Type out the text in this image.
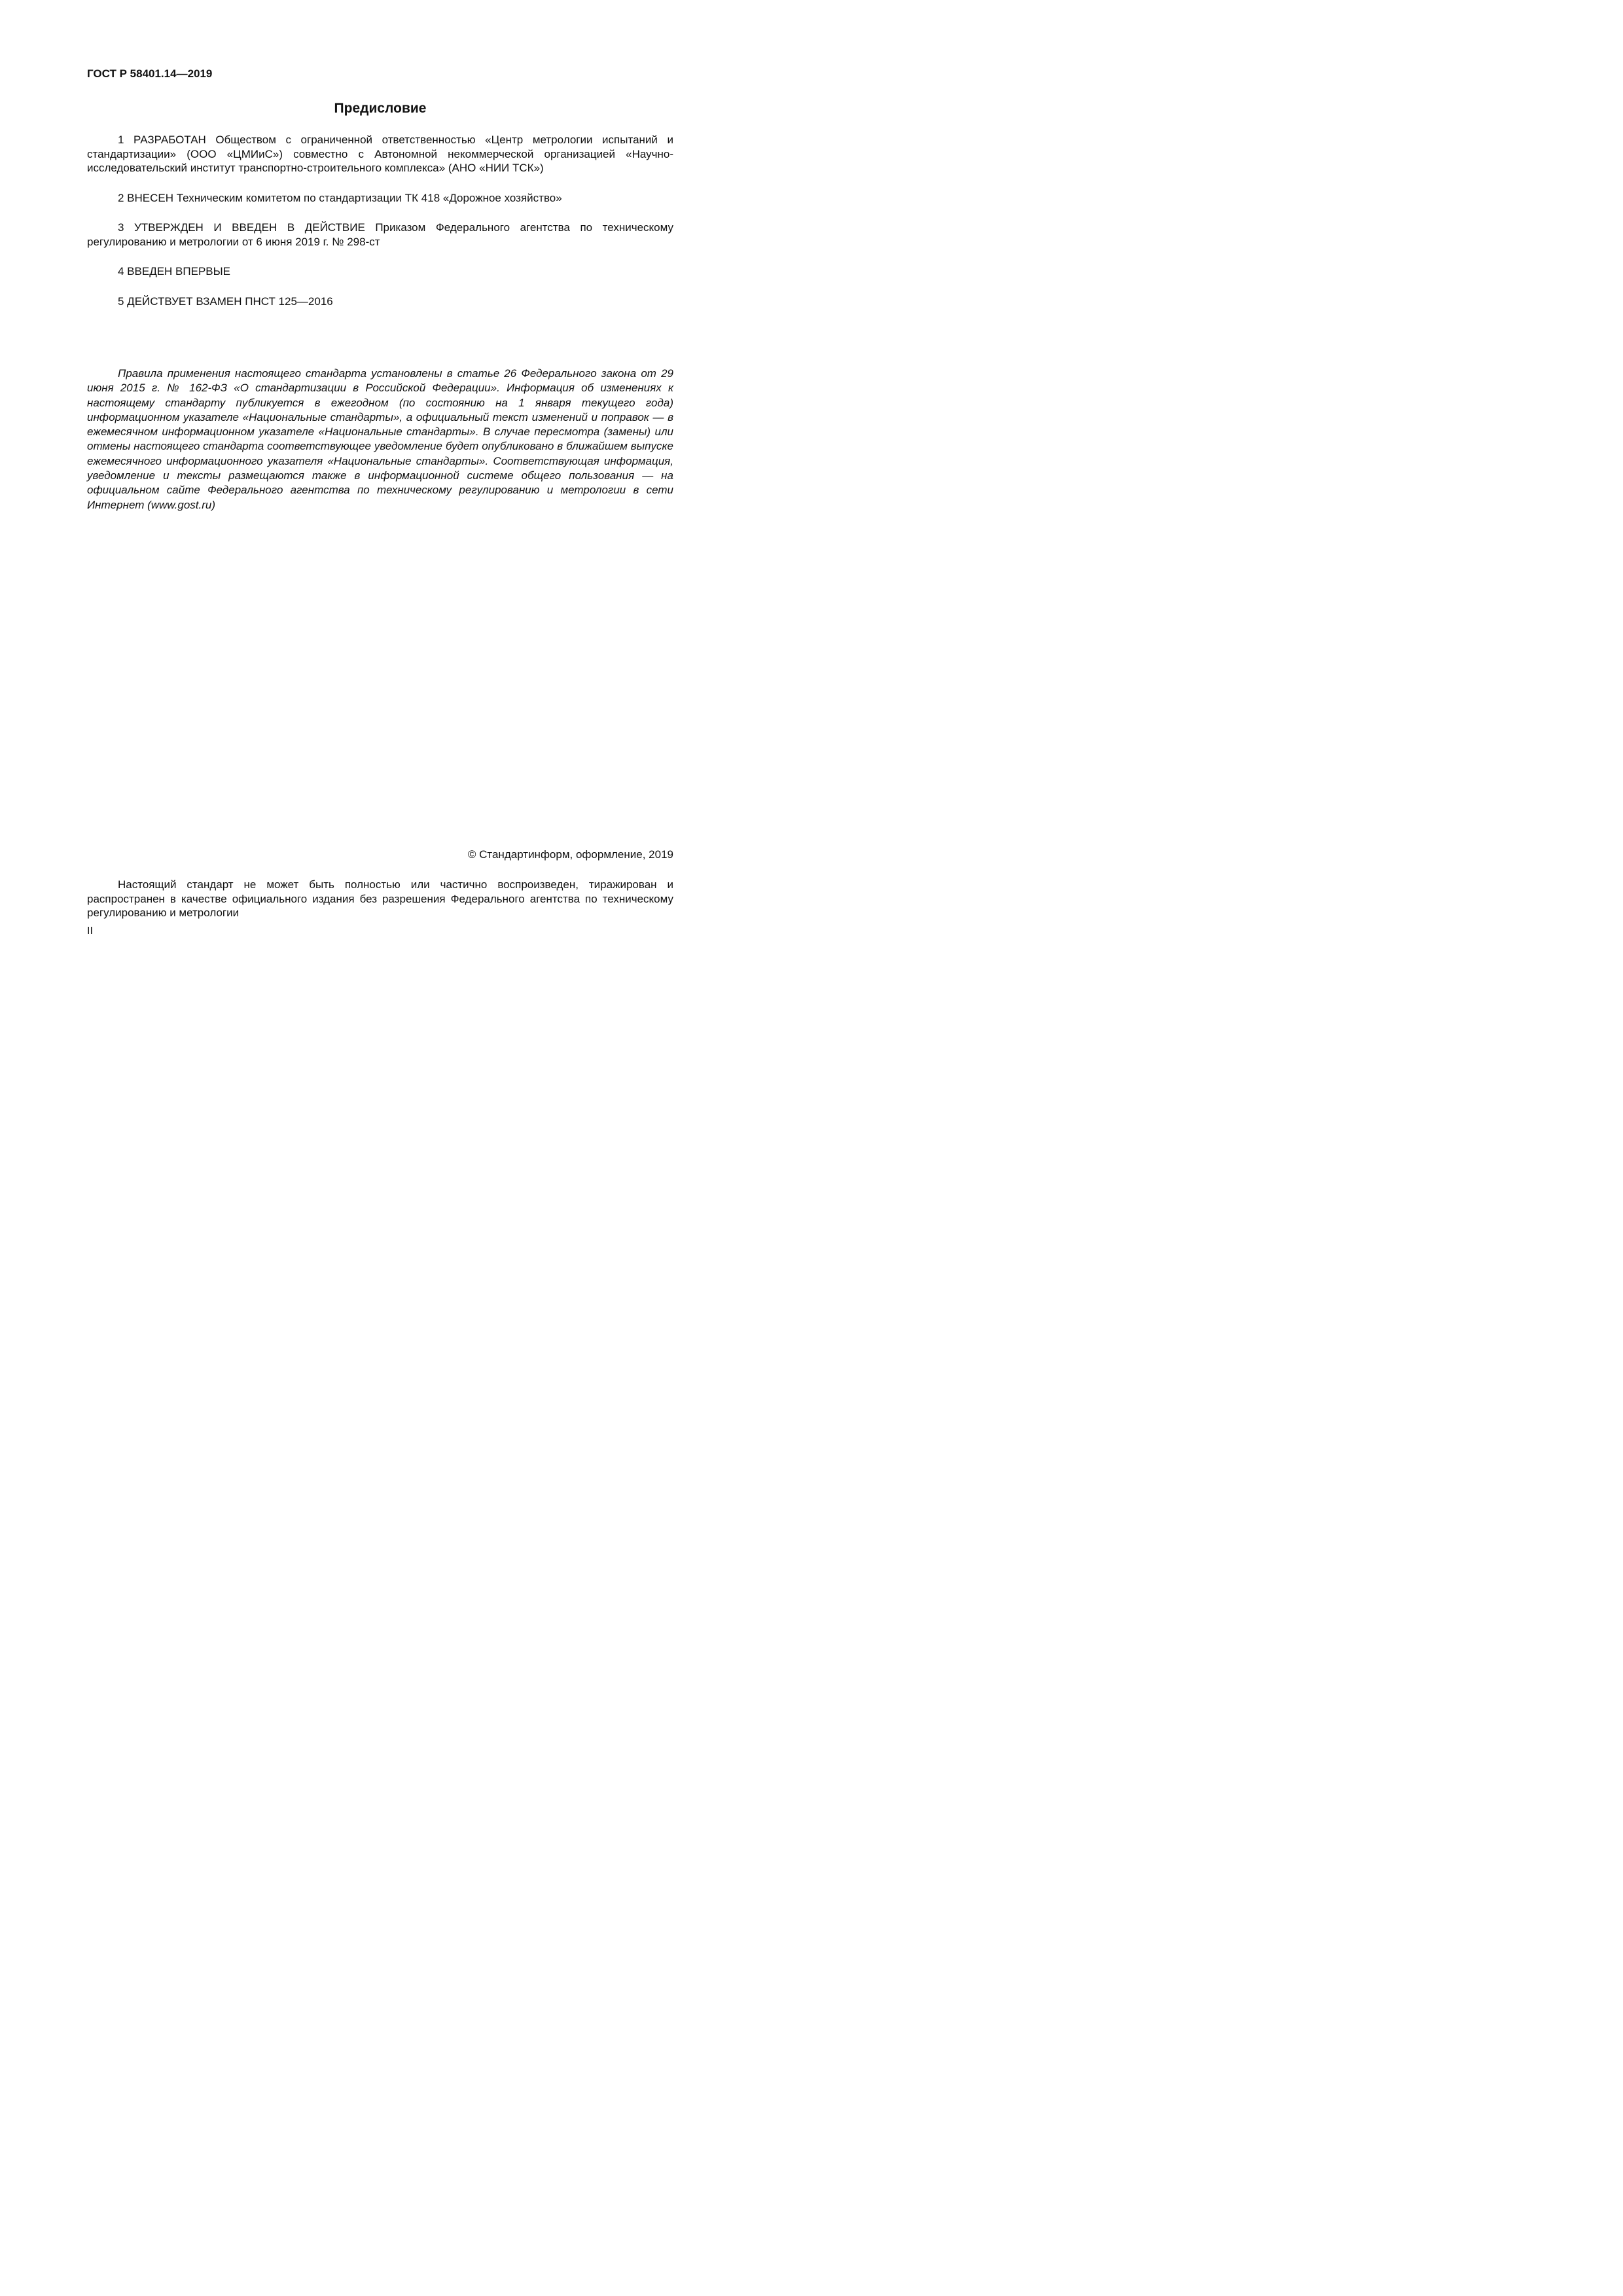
ГОСТ Р 58401.14—2019

Предисловие

1 РАЗРАБОТАН Обществом с ограниченной ответственностью «Центр метрологии испытаний и стандартизации» (ООО «ЦМИиС») совместно с Автономной некоммерческой организацией «Научно-исследовательский институт транспортно-строительного комплекса» (АНО «НИИ ТСК»)

2 ВНЕСЕН Техническим комитетом по стандартизации ТК 418 «Дорожное хозяйство»

3 УТВЕРЖДЕН И ВВЕДЕН В ДЕЙСТВИЕ Приказом Федерального агентства по техническому регулированию и метрологии от 6 июня 2019 г. № 298-ст

4 ВВЕДЕН ВПЕРВЫЕ

5 ДЕЙСТВУЕТ ВЗАМЕН ПНСТ 125—2016

Правила применения настоящего стандарта установлены в статье 26 Федерального закона от 29 июня 2015 г. № 162-ФЗ «О стандартизации в Российской Федерации». Информация об изменениях к настоящему стандарту публикуется в ежегодном (по состоянию на 1 января текущего года) информационном указателе «Национальные стандарты», а официальный текст изменений и поправок — в ежемесячном информационном указателе «Национальные стандарты». В случае пересмотра (замены) или отмены настоящего стандарта соответствующее уведомление будет опубликовано в ближайшем выпуске ежемесячного информационного указателя «Национальные стандарты». Соответствующая информация, уведомление и тексты размещаются также в информационной системе общего пользования — на официальном сайте Федерального агентства по техническому регулированию и метрологии в сети Интернет (www.gost.ru)

© Стандартинформ, оформление, 2019

Настоящий стандарт не может быть полностью или частично воспроизведен, тиражирован и распространен в качестве официального издания без разрешения Федерального агентства по техническому регулированию и метрологии

II
